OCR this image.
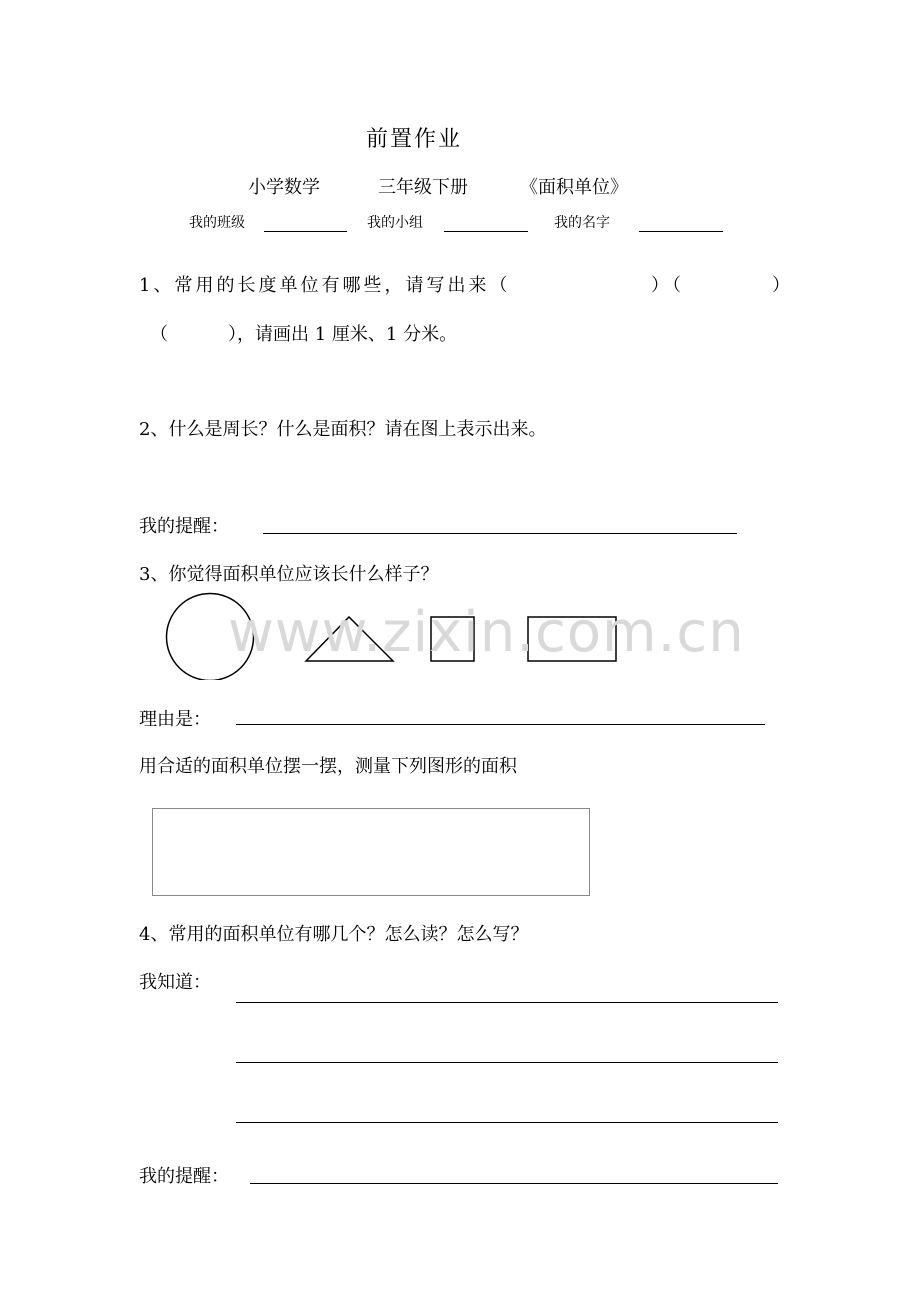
前置作业
小学数学	三年级下册	《面积单位》
我的班级	我的小组	我的名字
1、常用的长度单位有哪些，请写出来（	）（	）
（	），请画出 1 厘米、1 分米。
2、什么是周长？什么是面积？请在图上表示出来。
我的提醒：
3、你觉得面积单位应该长什么样子？
www.zixin.com.cn
理由是：
用合适的面积单位摆一摆，测量下列图形的面积
4、常用的面积单位有哪几个？怎么读？怎么写？
我知道：
我的提醒：
